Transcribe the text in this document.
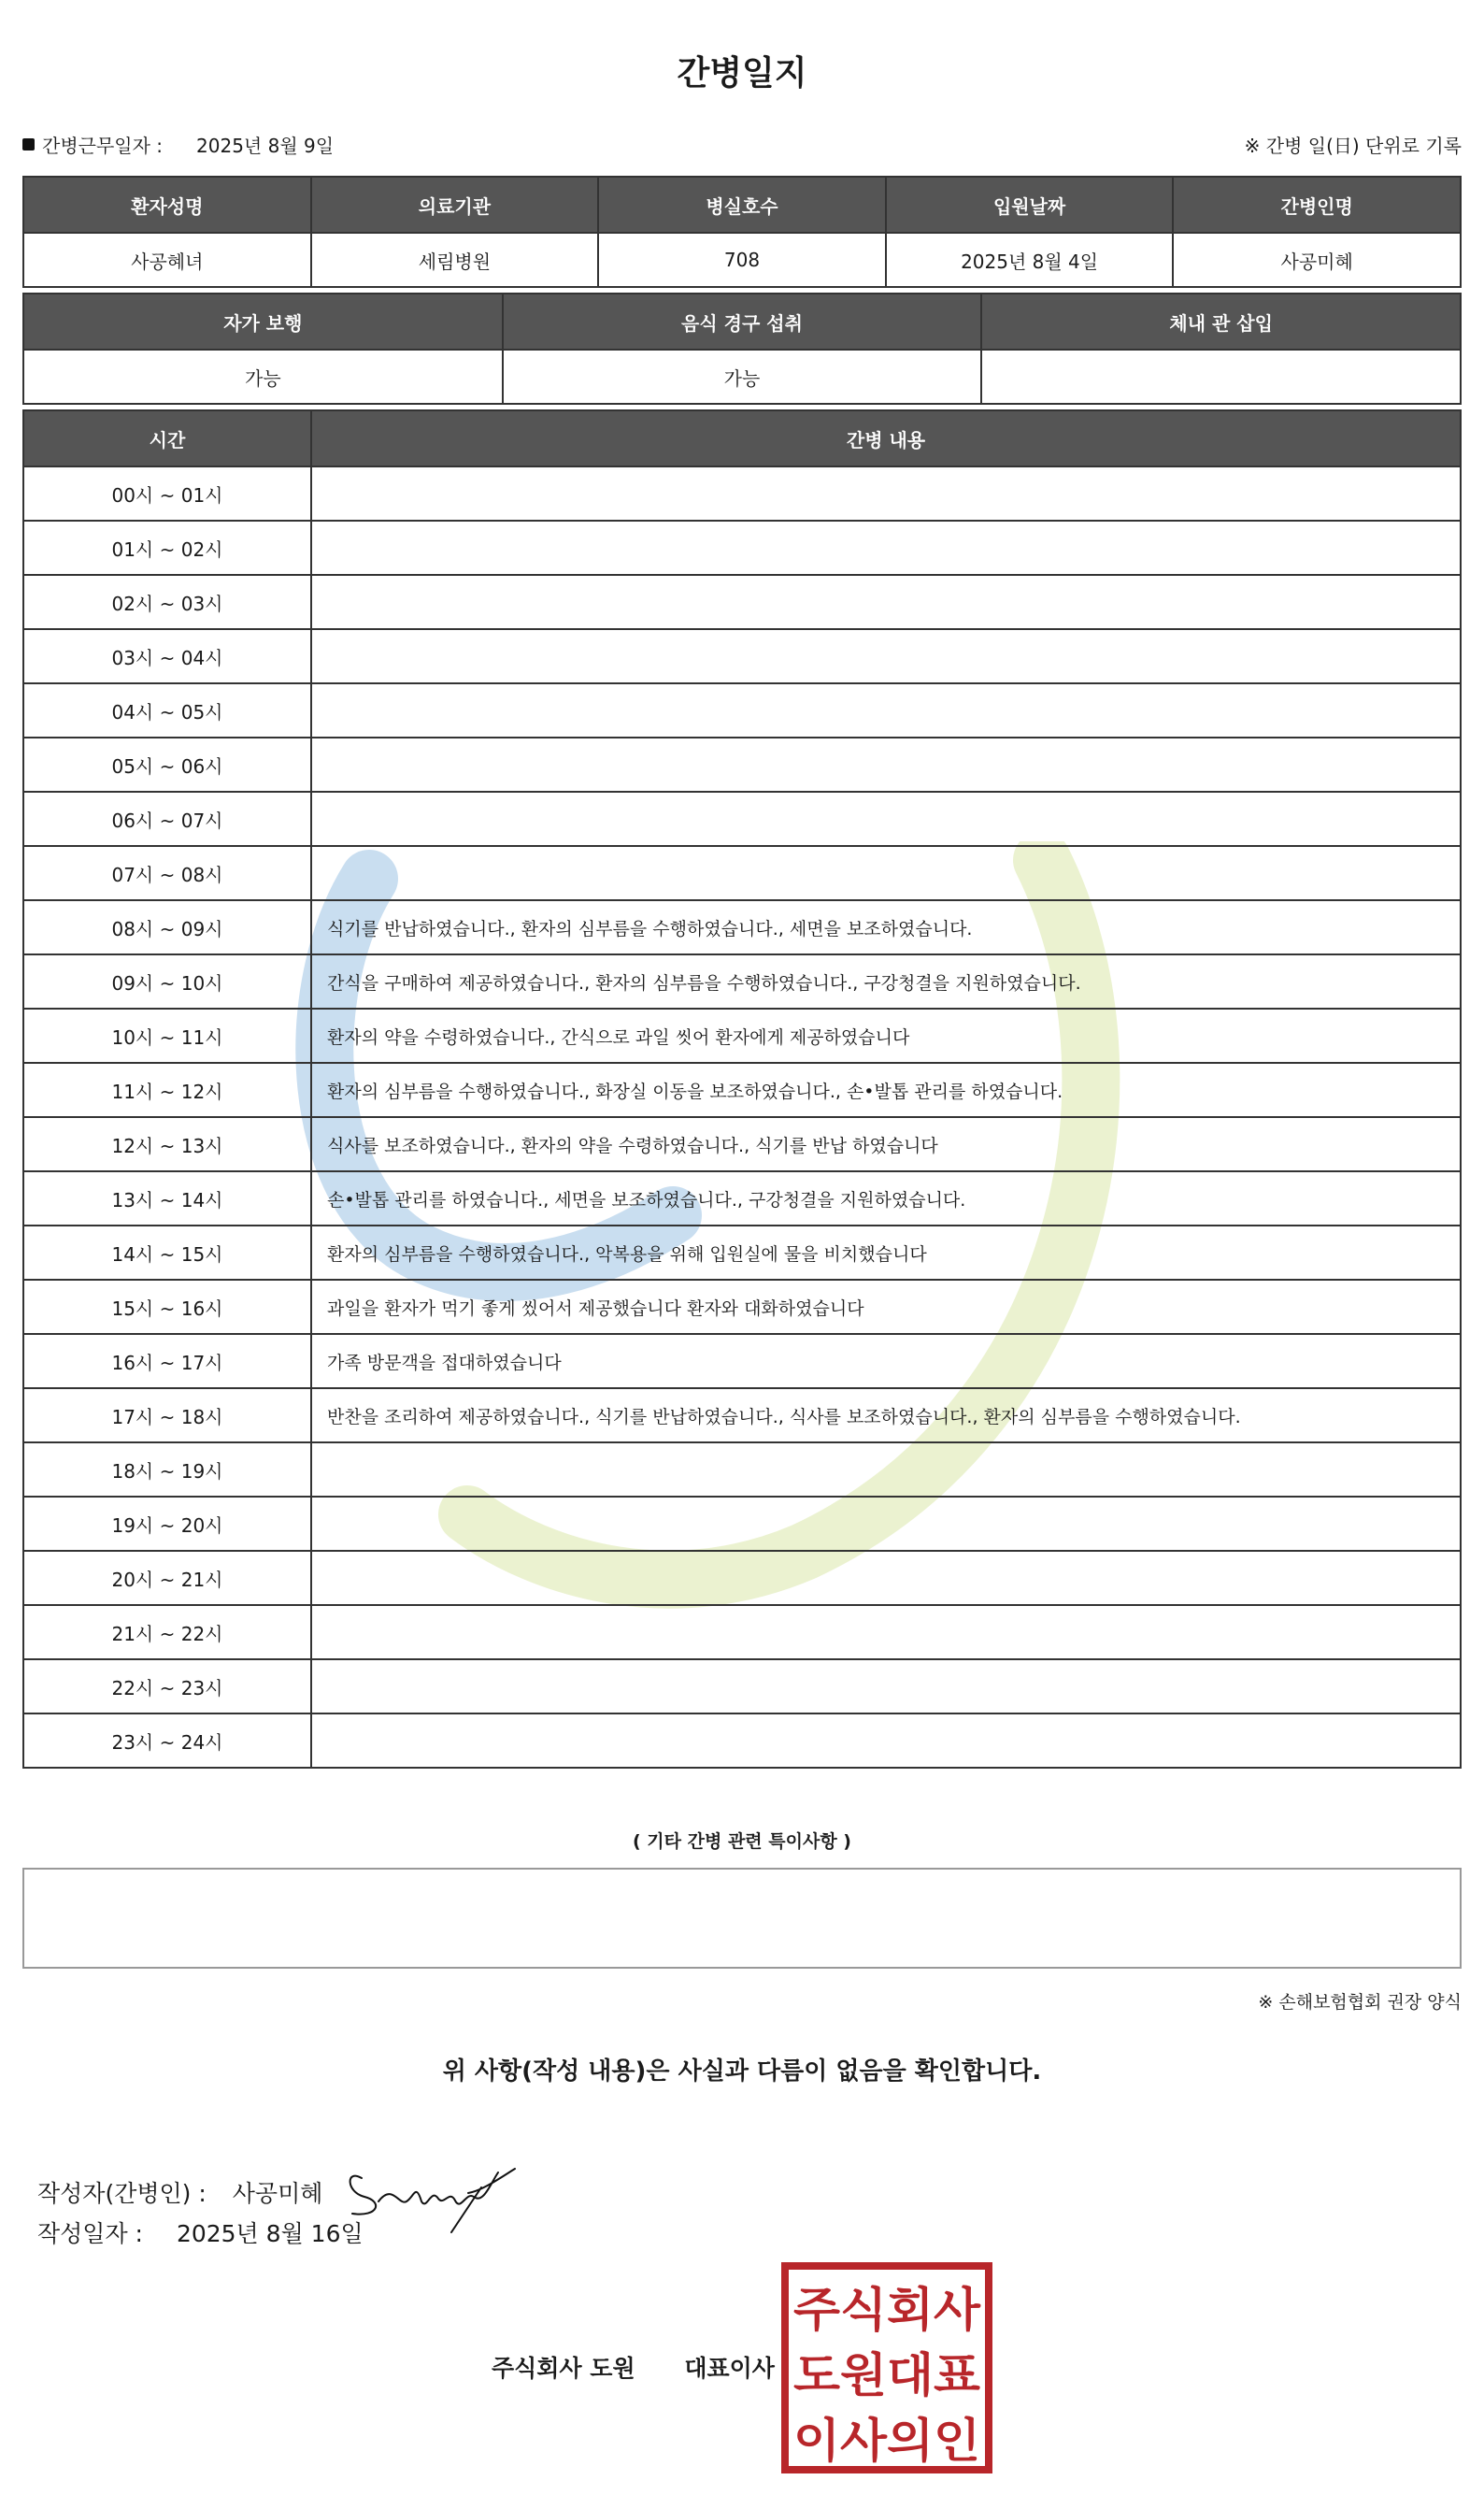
간병일지
간병근무일자 : 2025년 8월 9일	※ 간병 일(日) 단위로 기록
환자성명	의료기관	병실호수	입원날짜	간병인명
사공혜녀	세림병원	708	2025년 8월 4일	사공미혜
자가 보행	음식 경구 섭취	체내 관 삽입
가능	가능	
시간	간병 내용
00시 ~ 01시	
01시 ~ 02시	
02시 ~ 03시	
03시 ~ 04시	
04시 ~ 05시	
05시 ~ 06시	
06시 ~ 07시	
07시 ~ 08시	
08시 ~ 09시	식기를 반납하였습니다., 환자의 심부름을 수행하였습니다., 세면을 보조하였습니다.
09시 ~ 10시	간식을 구매하여 제공하였습니다., 환자의 심부름을 수행하였습니다., 구강청결을 지원하였습니다.
10시 ~ 11시	환자의 약을 수령하였습니다., 간식으로 과일 씻어 환자에게 제공하였습니다
11시 ~ 12시	환자의 심부름을 수행하였습니다., 화장실 이동을 보조하였습니다., 손•발톱 관리를 하였습니다.
12시 ~ 13시	식사를 보조하였습니다., 환자의 약을 수령하였습니다., 식기를 반납 하였습니다
13시 ~ 14시	손•발톱 관리를 하였습니다., 세면을 보조하였습니다., 구강청결을 지원하였습니다.
14시 ~ 15시	환자의 심부름을 수행하였습니다., 악복용을 위해 입원실에 물을 비치했습니다
15시 ~ 16시	과일을 환자가 먹기 좋게 씼어서 제공했습니다 환자와 대화하였습니다
16시 ~ 17시	가족 방문객을 접대하였습니다
17시 ~ 18시	반찬을 조리하여 제공하였습니다., 식기를 반납하였습니다., 식사를 보조하였습니다., 환자의 심부름을 수행하였습니다.
18시 ~ 19시	
19시 ~ 20시	
20시 ~ 21시	
21시 ~ 22시	
22시 ~ 23시	
23시 ~ 24시	
( 기타 간병 관련 특이사항 )
※ 손해보험협회 권장 양식
위 사항(작성 내용)은 사실과 다름이 없음을 확인합니다.
작성자(간병인) : 사공미혜
작성일자 : 2025년 8월 16일
주식회사 도원 대표이사
주식회사
도원대표
이사의인
